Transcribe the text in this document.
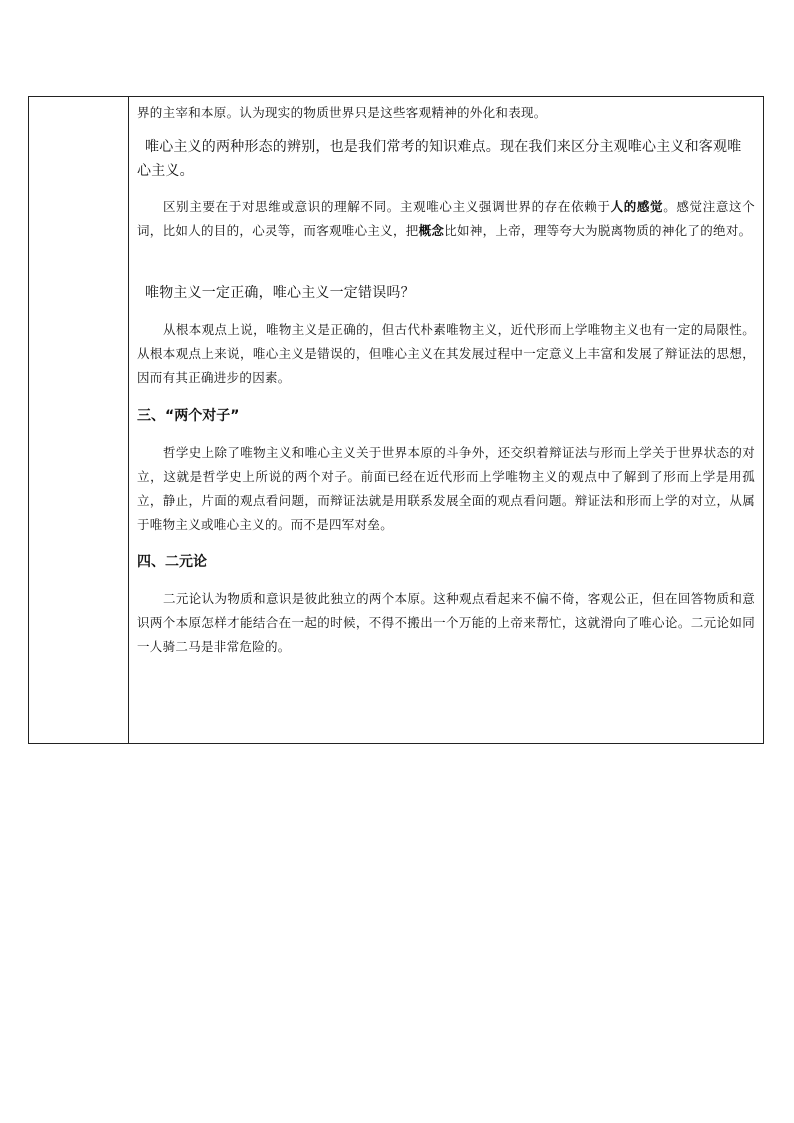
界的主宰和本原。认为现实的物质世界只是这些客观精神的外化和表现。

唯心主义的两种形态的辨别，也是我们常考的知识难点。现在我们来区分主观唯心主义和客观唯心主义。

区别主要在于对思维或意识的理解不同。主观唯心主义强调世界的存在依赖于人的感觉。感觉注意这个词，比如人的目的，心灵等，而客观唯心主义，把概念比如神，上帝，理等夸大为脱离物质的神化了的绝对。

唯物主义一定正确，唯心主义一定错误吗？

从根本观点上说，唯物主义是正确的，但古代朴素唯物主义，近代形而上学唯物主义也有一定的局限性。从根本观点上来说，唯心主义是错误的，但唯心主义在其发展过程中一定意义上丰富和发展了辩证法的思想，因而有其正确进步的因素。

三、“两个对子”

哲学史上除了唯物主义和唯心主义关于世界本原的斗争外，还交织着辩证法与形而上学关于世界状态的对立，这就是哲学史上所说的两个对子。前面已经在近代形而上学唯物主义的观点中了解到了形而上学是用孤立，静止，片面的观点看问题，而辩证法就是用联系发展全面的观点看问题。辩证法和形而上学的对立，从属于唯物主义或唯心主义的。而不是四军对垒。

四、二元论

二元论认为物质和意识是彼此独立的两个本原。这种观点看起来不偏不倚，客观公正，但在回答物质和意识两个本原怎样才能结合在一起的时候，不得不搬出一个万能的上帝来帮忙，这就滑向了唯心论。二元论如同一人骑二马是非常危险的。
